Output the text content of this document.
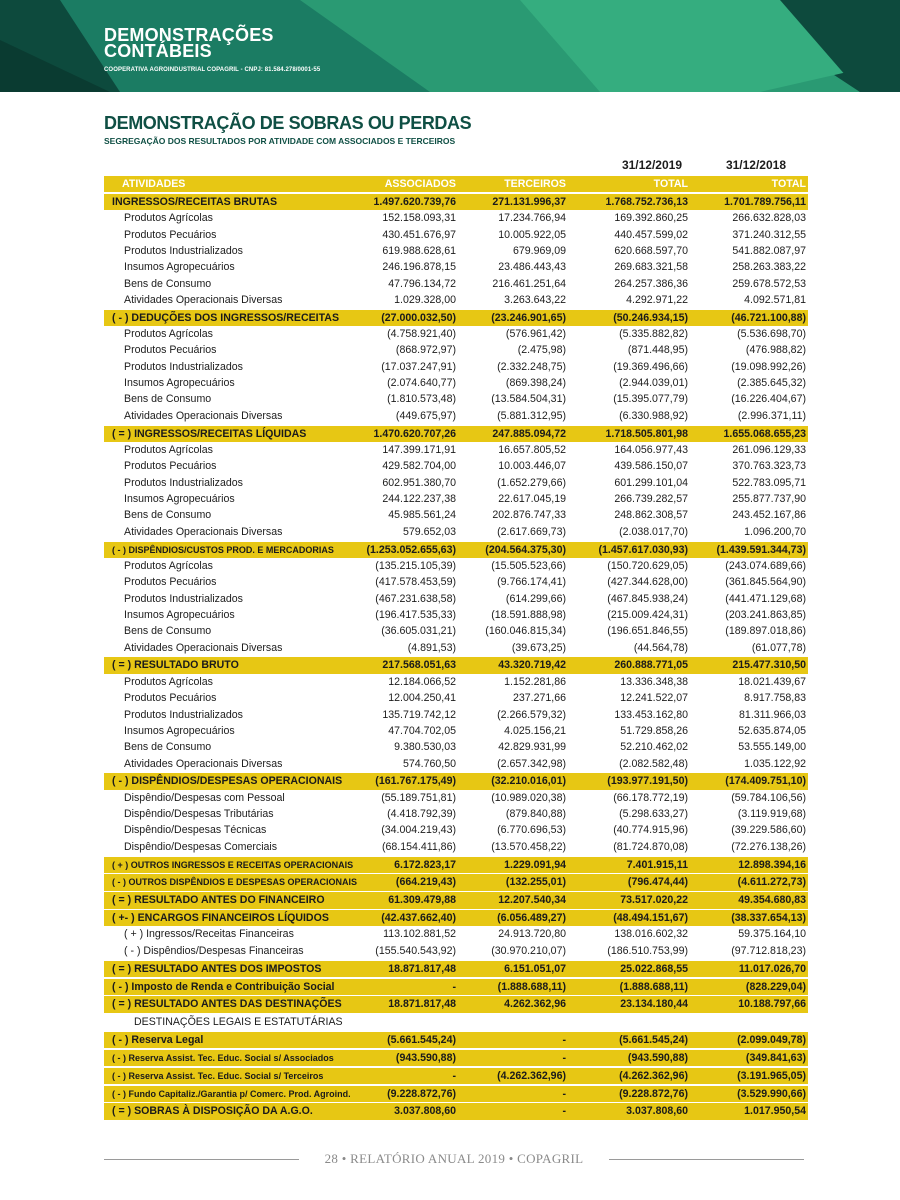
DEMONSTRAÇÕES
CONTÁBEIS
COOPERATIVA AGROINDUSTRIAL COPAGRIL - CNPJ: 81.584.278/0001-55
DEMONSTRAÇÃO DE SOBRAS OU PERDAS
SEGREGAÇÃO DOS RESULTADOS POR ATIVIDADE COM ASSOCIADOS E TERCEIROS
31/12/2019	31/12/2018
ATIVIDADES	ASSOCIADOS	TERCEIROS	TOTAL	TOTAL
INGRESSOS/RECEITAS BRUTAS	1.497.620.739,76	271.131.996,37	1.768.752.736,13	1.701.789.756,11
Produtos Agrícolas	152.158.093,31	17.234.766,94	169.392.860,25	266.632.828,03
Produtos Pecuários	430.451.676,97	10.005.922,05	440.457.599,02	371.240.312,55
Produtos Industrializados	619.988.628,61	679.969,09	620.668.597,70	541.882.087,97
Insumos Agropecuários	246.196.878,15	23.486.443,43	269.683.321,58	258.263.383,22
Bens de Consumo	47.796.134,72	216.461.251,64	264.257.386,36	259.678.572,53
Atividades Operacionais Diversas	1.029.328,00	3.263.643,22	4.292.971,22	4.092.571,81
( - ) DEDUÇÕES DOS INGRESSOS/RECEITAS	(27.000.032,50)	(23.246.901,65)	(50.246.934,15)	(46.721.100,88)
Produtos Agrícolas	(4.758.921,40)	(576.961,42)	(5.335.882,82)	(5.536.698,70)
Produtos Pecuários	(868.972,97)	(2.475,98)	(871.448,95)	(476.988,82)
Produtos Industrializados	(17.037.247,91)	(2.332.248,75)	(19.369.496,66)	(19.098.992,26)
Insumos Agropecuários	(2.074.640,77)	(869.398,24)	(2.944.039,01)	(2.385.645,32)
Bens de Consumo	(1.810.573,48)	(13.584.504,31)	(15.395.077,79)	(16.226.404,67)
Atividades Operacionais Diversas	(449.675,97)	(5.881.312,95)	(6.330.988,92)	(2.996.371,11)
( = ) INGRESSOS/RECEITAS LÍQUIDAS	1.470.620.707,26	247.885.094,72	1.718.505.801,98	1.655.068.655,23
Produtos Agrícolas	147.399.171,91	16.657.805,52	164.056.977,43	261.096.129,33
Produtos Pecuários	429.582.704,00	10.003.446,07	439.586.150,07	370.763.323,73
Produtos Industrializados	602.951.380,70	(1.652.279,66)	601.299.101,04	522.783.095,71
Insumos Agropecuários	244.122.237,38	22.617.045,19	266.739.282,57	255.877.737,90
Bens de Consumo	45.985.561,24	202.876.747,33	248.862.308,57	243.452.167,86
Atividades Operacionais Diversas	579.652,03	(2.617.669,73)	(2.038.017,70)	1.096.200,70
( - ) DISPÊNDIOS/CUSTOS PROD. E MERCADORIAS	(1.253.052.655,63)	(204.564.375,30)	(1.457.617.030,93)	(1.439.591.344,73)
Produtos Agrícolas	(135.215.105,39)	(15.505.523,66)	(150.720.629,05)	(243.074.689,66)
Produtos Pecuários	(417.578.453,59)	(9.766.174,41)	(427.344.628,00)	(361.845.564,90)
Produtos Industrializados	(467.231.638,58)	(614.299,66)	(467.845.938,24)	(441.471.129,68)
Insumos Agropecuários	(196.417.535,33)	(18.591.888,98)	(215.009.424,31)	(203.241.863,85)
Bens de Consumo	(36.605.031,21)	(160.046.815,34)	(196.651.846,55)	(189.897.018,86)
Atividades Operacionais Diversas	(4.891,53)	(39.673,25)	(44.564,78)	(61.077,78)
( = ) RESULTADO BRUTO	217.568.051,63	43.320.719,42	260.888.771,05	215.477.310,50
Produtos Agrícolas	12.184.066,52	1.152.281,86	13.336.348,38	18.021.439,67
Produtos Pecuários	12.004.250,41	237.271,66	12.241.522,07	8.917.758,83
Produtos Industrializados	135.719.742,12	(2.266.579,32)	133.453.162,80	81.311.966,03
Insumos Agropecuários	47.704.702,05	4.025.156,21	51.729.858,26	52.635.874,05
Bens de Consumo	9.380.530,03	42.829.931,99	52.210.462,02	53.555.149,00
Atividades Operacionais Diversas	574.760,50	(2.657.342,98)	(2.082.582,48)	1.035.122,92
( - ) DISPÊNDIOS/DESPESAS OPERACIONAIS	(161.767.175,49)	(32.210.016,01)	(193.977.191,50)	(174.409.751,10)
Dispêndio/Despesas com Pessoal	(55.189.751,81)	(10.989.020,38)	(66.178.772,19)	(59.784.106,56)
Dispêndio/Despesas Tributárias	(4.418.792,39)	(879.840,88)	(5.298.633,27)	(3.119.919,68)
Dispêndio/Despesas Técnicas	(34.004.219,43)	(6.770.696,53)	(40.774.915,96)	(39.229.586,60)
Dispêndio/Despesas Comerciais	(68.154.411,86)	(13.570.458,22)	(81.724.870,08)	(72.276.138,26)
( + ) OUTROS INGRESSOS E RECEITAS OPERACIONAIS	6.172.823,17	1.229.091,94	7.401.915,11	12.898.394,16
( - ) OUTROS DISPÊNDIOS E DESPESAS OPERACIONAIS	(664.219,43)	(132.255,01)	(796.474,44)	(4.611.272,73)
( = ) RESULTADO ANTES DO FINANCEIRO	61.309.479,88	12.207.540,34	73.517.020,22	49.354.680,83
( +- ) ENCARGOS FINANCEIROS LÍQUIDOS	(42.437.662,40)	(6.056.489,27)	(48.494.151,67)	(38.337.654,13)
( + ) Ingressos/Receitas Financeiras	113.102.881,52	24.913.720,80	138.016.602,32	59.375.164,10
( - ) Dispêndios/Despesas Financeiras	(155.540.543,92)	(30.970.210,07)	(186.510.753,99)	(97.712.818,23)
( = ) RESULTADO ANTES DOS IMPOSTOS	18.871.817,48	6.151.051,07	25.022.868,55	11.017.026,70
( - ) Imposto de Renda e Contribuição Social	-	(1.888.688,11)	(1.888.688,11)	(828.229,04)
( = ) RESULTADO ANTES DAS DESTINAÇÕES	18.871.817,48	4.262.362,96	23.134.180,44	10.188.797,66
DESTINAÇÕES LEGAIS E ESTATUTÁRIAS
( - ) Reserva Legal	(5.661.545,24)	-	(5.661.545,24)	(2.099.049,78)
( - ) Reserva Assist. Tec. Educ. Social s/ Associados	(943.590,88)	-	(943.590,88)	(349.841,63)
( - ) Reserva Assist. Tec. Educ. Social s/ Terceiros	-	(4.262.362,96)	(4.262.362,96)	(3.191.965,05)
( - ) Fundo Capitaliz./Garantia p/ Comerc. Prod. Agroind.	(9.228.872,76)	-	(9.228.872,76)	(3.529.990,66)
( = ) SOBRAS À DISPOSIÇÃO DA A.G.O.	3.037.808,60	-	3.037.808,60	1.017.950,54
28 • RELATÓRIO ANUAL 2019 • COPAGRIL
